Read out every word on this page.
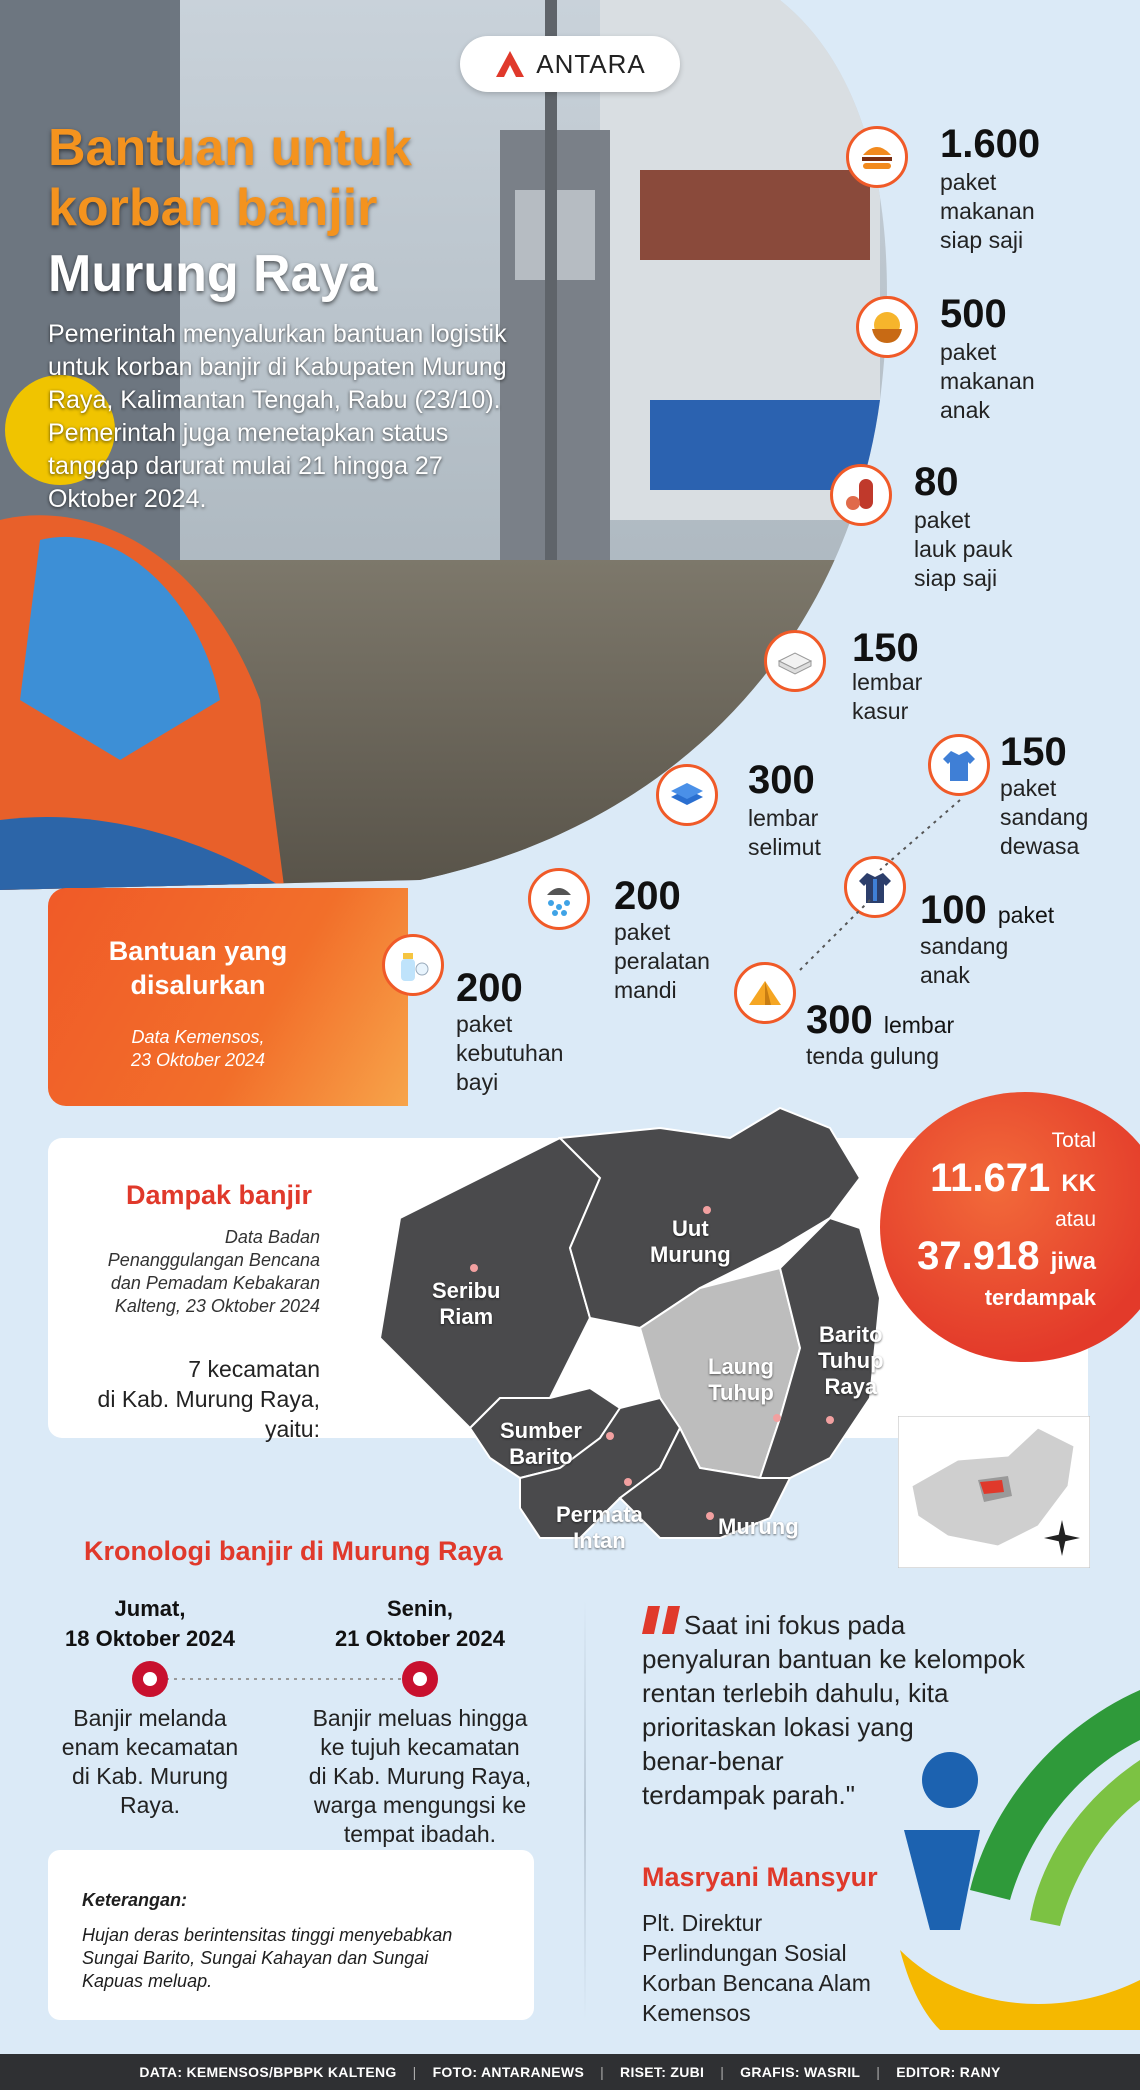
ANTARA
Bantuan untuk
korban banjir
Murung Raya
Pemerintah menyalurkan bantuan logistik untuk korban banjir di Kabupaten Murung Raya, Kalimantan Tengah, Rabu (23/10). Pemerintah juga menetapkan status tanggap darurat mulai 21 hingga 27 Oktober 2024.
Bantuan yang
disalurkan
Data Kemensos,
23 Oktober 2024
1.600
paket
makanan
siap saji
500
paket
makanan
anak
80
paket
lauk pauk
siap saji
150
lembar
kasur
150
paket
sandang
dewasa
300
lembar
selimut
100 paket
sandang
anak
200
paket
peralatan
mandi
300 lembar
tenda gulung
200
paket
kebutuhan
bayi
Dampak banjir
Data Badan
Penanggulangan Bencana
dan Pemadam Kebakaran
Kalteng, 23 Oktober 2024
7 kecamatan
di Kab. Murung Raya,
yaitu:
Uut
Murung
Seribu
Riam
Laung
Tuhup
Barito
Tuhup
Raya
Sumber
Barito
Permata
Intan
Murung
Total
11.671 KK
atau
37.918 jiwa
terdampak
Kronologi banjir di Murung Raya
Jumat,
18 Oktober 2024
Senin,
21 Oktober 2024
Banjir melanda
enam kecamatan
di Kab. Murung
Raya.
Banjir meluas hingga
ke tujuh kecamatan
di Kab. Murung Raya,
warga mengungsi ke
tempat ibadah.
Keterangan:
Hujan deras berintensitas tinggi menyebabkan
Sungai Barito, Sungai Kahayan dan Sungai
Kapuas meluap.
Saat ini fokus pada
penyaluran bantuan ke kelompok
rentan terlebih dahulu, kita
prioritaskan lokasi yang
benar-benar
terdampak parah."
Masryani Mansyur
Plt. Direktur
Perlindungan Sosial
Korban Bencana Alam
Kemensos
DATA: KEMENSOS/BPBPK KALTENG | FOTO: ANTARANEWS | RISET: ZUBI | GRAFIS: WASRIL | EDITOR: RANY
